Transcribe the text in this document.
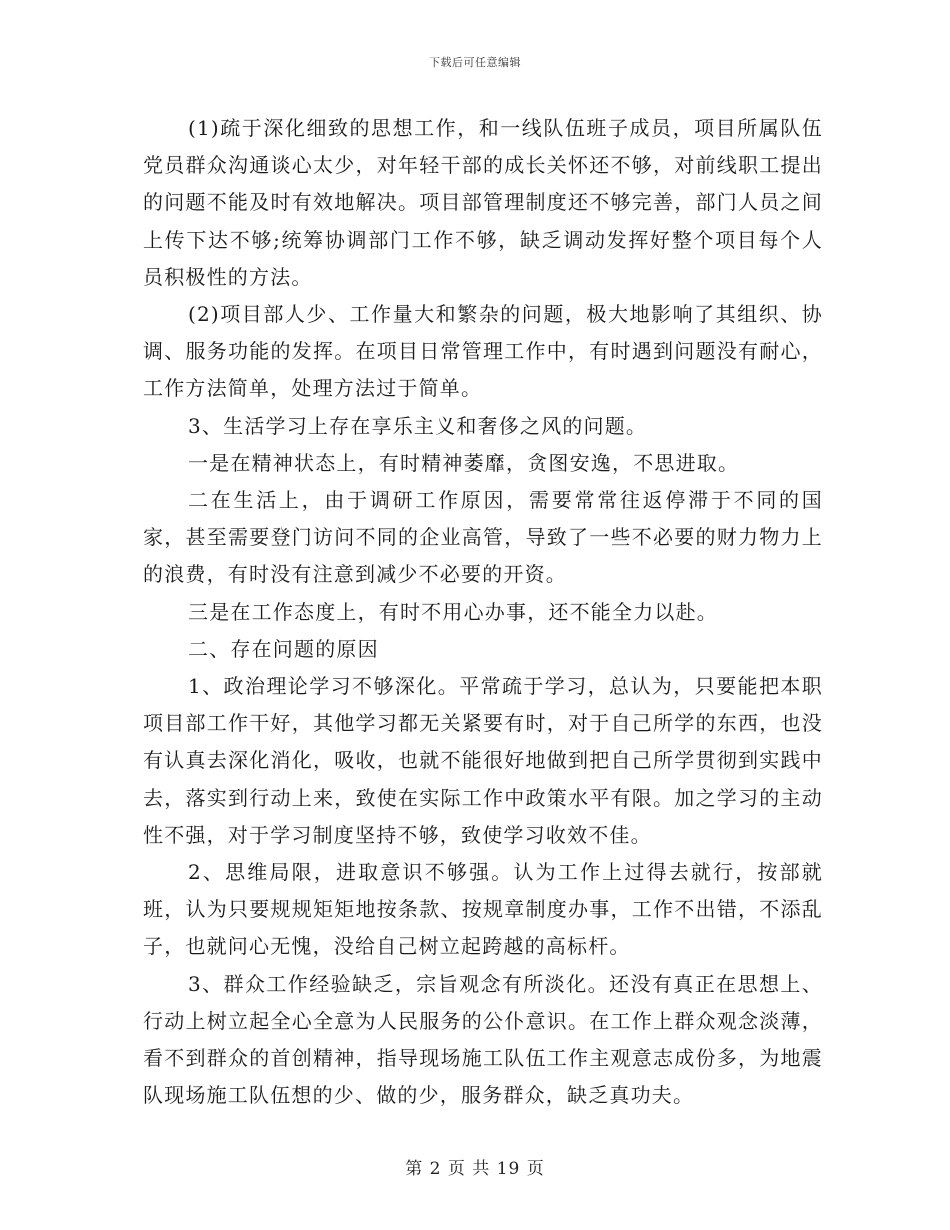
下载后可任意编辑

(1)疏于深化细致的思想工作，和一线队伍班子成员，项目所属队伍党员群众沟通谈心太少，对年轻干部的成长关怀还不够，对前线职工提出的问题不能及时有效地解决。项目部管理制度还不够完善，部门人员之间上传下达不够;统筹协调部门工作不够，缺乏调动发挥好整个项目每个人员积极性的方法。

(2)项目部人少、工作量大和繁杂的问题，极大地影响了其组织、协调、服务功能的发挥。在项目日常管理工作中，有时遇到问题没有耐心，工作方法简单，处理方法过于简单。

3、生活学习上存在享乐主义和奢侈之风的问题。

一是在精神状态上，有时精神萎靡，贪图安逸，不思进取。

二在生活上，由于调研工作原因，需要常常往返停滞于不同的国家，甚至需要登门访问不同的企业高管，导致了一些不必要的财力物力上的浪费，有时没有注意到减少不必要的开资。

三是在工作态度上，有时不用心办事，还不能全力以赴。

二、存在问题的原因

1、政治理论学习不够深化。平常疏于学习，总认为，只要能把本职项目部工作干好，其他学习都无关紧要有时，对于自己所学的东西，也没有认真去深化消化，吸收，也就不能很好地做到把自己所学贯彻到实践中去，落实到行动上来，致使在实际工作中政策水平有限。加之学习的主动性不强，对于学习制度坚持不够，致使学习收效不佳。

2、思维局限，进取意识不够强。认为工作上过得去就行，按部就班，认为只要规规矩矩地按条款、按规章制度办事，工作不出错，不添乱子，也就问心无愧，没给自己树立起跨越的高标杆。

3、群众工作经验缺乏，宗旨观念有所淡化。还没有真正在思想上、行动上树立起全心全意为人民服务的公仆意识。在工作上群众观念淡薄，看不到群众的首创精神，指导现场施工队伍工作主观意志成份多，为地震队现场施工队伍想的少、做的少，服务群众，缺乏真功夫。

第 2 页 共 19 页
